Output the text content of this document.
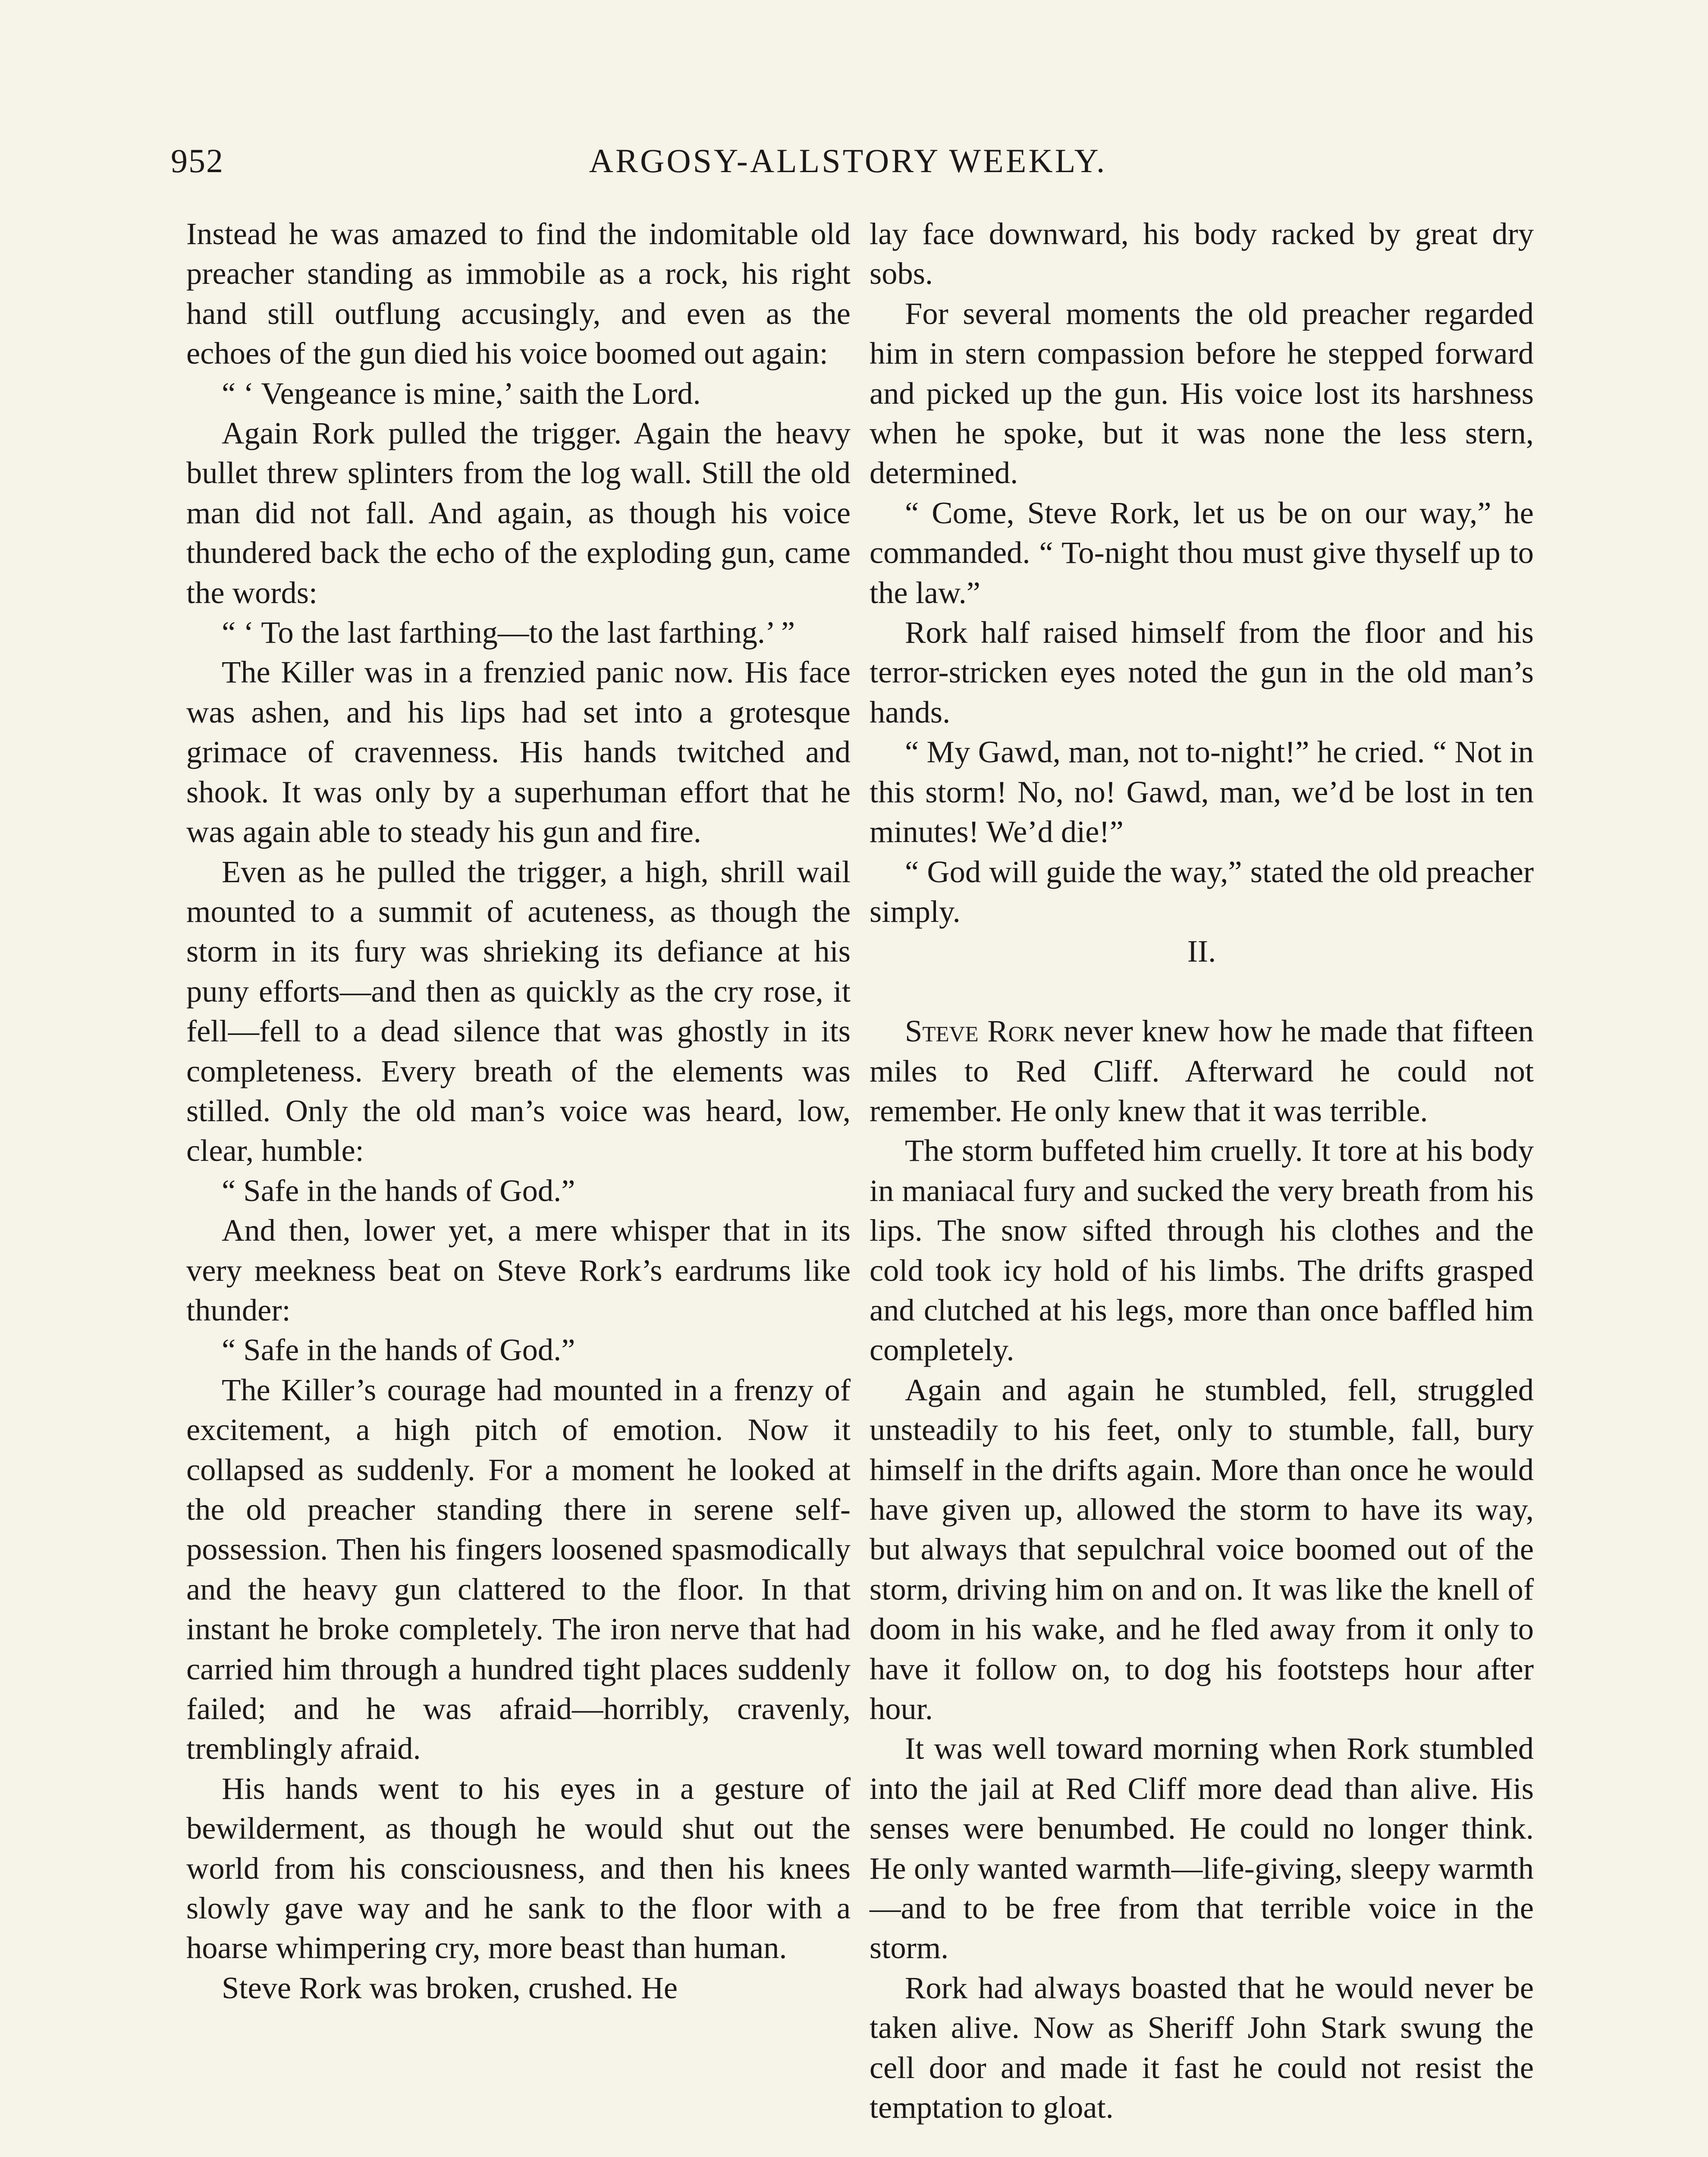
952	ARGOSY-ALLSTORY WEEKLY.

Instead he was amazed to find the indomitable old preacher standing as immobile as a rock, his right hand still outflung accusingly, and even as the echoes of the gun died his voice boomed out again:

“ ‘ Vengeance is mine,’ saith the Lord.

Again Rork pulled the trigger. Again the heavy bullet threw splinters from the log wall. Still the old man did not fall. And again, as though his voice thundered back the echo of the exploding gun, came the words:

“ ‘ To the last farthing—to the last farthing.’ ”

The Killer was in a frenzied panic now. His face was ashen, and his lips had set into a grotesque grimace of cravenness. His hands twitched and shook. It was only by a superhuman effort that he was again able to steady his gun and fire.

Even as he pulled the trigger, a high, shrill wail mounted to a summit of acuteness, as though the storm in its fury was shrieking its defiance at his puny efforts—and then as quickly as the cry rose, it fell—fell to a dead silence that was ghostly in its completeness. Every breath of the elements was stilled. Only the old man’s voice was heard, low, clear, humble:

“ Safe in the hands of God.”

And then, lower yet, a mere whisper that in its very meekness beat on Steve Rork’s eardrums like thunder:

“ Safe in the hands of God.”

The Killer’s courage had mounted in a frenzy of excitement, a high pitch of emotion. Now it collapsed as suddenly. For a moment he looked at the old preacher standing there in serene self-possession. Then his fingers loosened spasmodically and the heavy gun clattered to the floor. In that instant he broke completely. The iron nerve that had carried him through a hundred tight places suddenly failed; and he was afraid—horribly, cravenly, tremblingly afraid.

His hands went to his eyes in a gesture of bewilderment, as though he would shut out the world from his consciousness, and then his knees slowly gave way and he sank to the floor with a hoarse whimpering cry, more beast than human.

Steve Rork was broken, crushed. He

lay face downward, his body racked by great dry sobs.

For several moments the old preacher regarded him in stern compassion before he stepped forward and picked up the gun. His voice lost its harshness when he spoke, but it was none the less stern, determined.

“ Come, Steve Rork, let us be on our way,” he commanded. “ To-night thou must give thyself up to the law.”

Rork half raised himself from the floor and his terror-stricken eyes noted the gun in the old man’s hands.

“ My Gawd, man, not to-night!” he cried. “ Not in this storm! No, no! Gawd, man, we’d be lost in ten minutes! We’d die!”

“ God will guide the way,” stated the old preacher simply.

II.

Steve Rork never knew how he made that fifteen miles to Red Cliff. Afterward he could not remember. He only knew that it was terrible.

The storm buffeted him cruelly. It tore at his body in maniacal fury and sucked the very breath from his lips. The snow sifted through his clothes and the cold took icy hold of his limbs. The drifts grasped and clutched at his legs, more than once baffled him completely.

Again and again he stumbled, fell, struggled unsteadily to his feet, only to stumble, fall, bury himself in the drifts again. More than once he would have given up, allowed the storm to have its way, but always that sepulchral voice boomed out of the storm, driving him on and on. It was like the knell of doom in his wake, and he fled away from it only to have it follow on, to dog his footsteps hour after hour.

It was well toward morning when Rork stumbled into the jail at Red Cliff more dead than alive. His senses were benumbed. He could no longer think. He only wanted warmth—life-giving, sleepy warmth—and to be free from that terrible voice in the storm.

Rork had always boasted that he would never be taken alive. Now as Sheriff John Stark swung the cell door and made it fast he could not resist the temptation to gloat.
